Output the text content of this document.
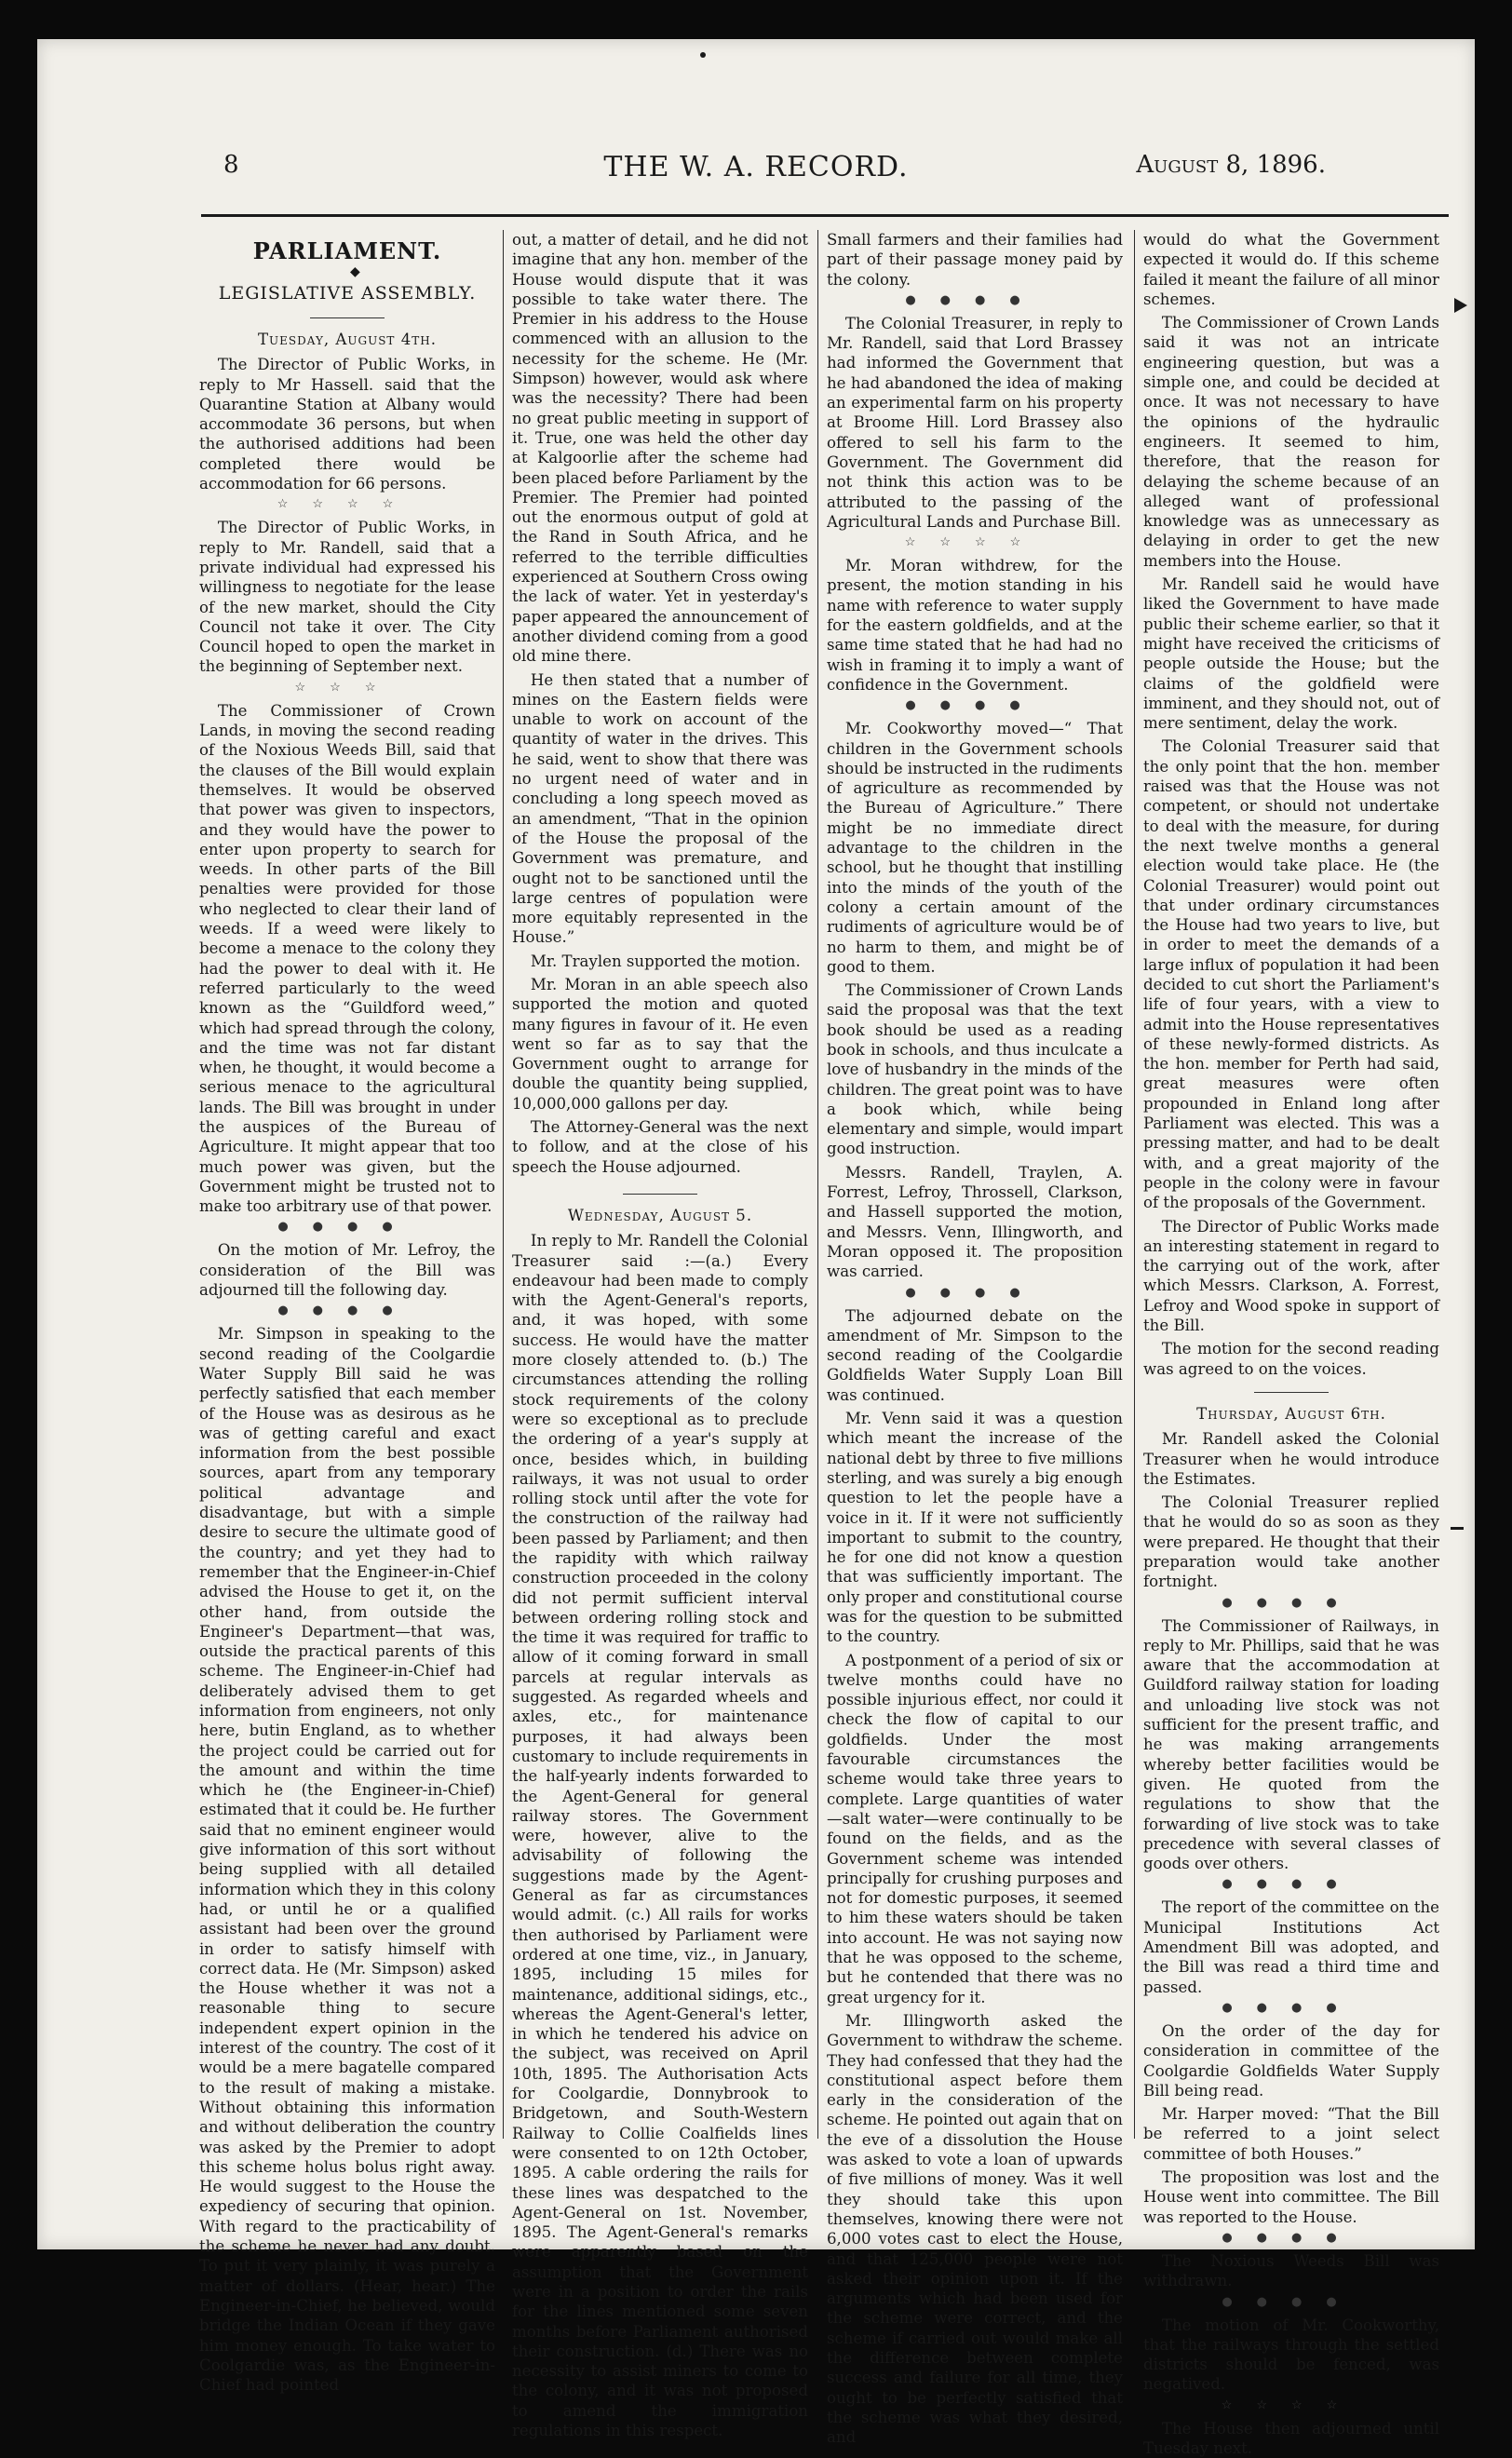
8	THE W. A. RECORD.	August 8, 1896.

PARLIAMENT.

◆

LEGISLATIVE ASSEMBLY.

Tuesday, August 4th.

The Director of Public Works, in reply to Mr Hassell. said that the Quarantine Station at Albany would accommodate 36 persons, but when the authorised additions had been completed there would be accommodation for 66 persons.

☆☆☆☆

The Director of Public Works, in reply to Mr. Randell, said that a private individual had expressed his willingness to negotiate for the lease of the new market, should the City Council not take it over. The City Council hoped to open the market in the beginning of September next.

☆☆☆

The Commissioner of Crown Lands, in moving the second reading of the Noxious Weeds Bill, said that the clauses of the Bill would explain themselves. It would be observed that power was given to inspectors, and they would have the power to enter upon property to search for weeds. In other parts of the Bill penalties were provided for those who neglected to clear their land of weeds. If a weed were likely to become a menace to the colony they had the power to deal with it. He referred particularly to the weed known as the “Guildford weed,” which had spread through the colony, and the time was not far distant when, he thought, it would become a serious menace to the agricultural lands. The Bill was brought in under the auspices of the Bureau of Agriculture. It might appear that too much power was given, but the Government might be trusted not to make too arbitrary use of that power.

●●●●

On the motion of Mr. Lefroy, the consideration of the Bill was adjourned till the following day.

●●●●

Mr. Simpson in speaking to the second reading of the Coolgardie Water Supply Bill said he was perfectly satisfied that each member of the House was as desirous as he was of getting careful and exact information from the best possible sources, apart from any temporary political advantage and disadvantage, but with a simple desire to secure the ultimate good of the country; and yet they had to remember that the Engineer-in-Chief advised the House to get it, on the other hand, from outside the Engineer's Department—that was, outside the practical parents of this scheme. The Engineer-in-Chief had deliberately advised them to get information from engineers, not only here, butin England, as to whether the project could be carried out for the amount and within the time which he (the Engineer-in-Chief) estimated that it could be. He further said that no eminent engineer would give information of this sort without being supplied with all detailed information which they in this colony had, or until he or a qualified assistant had been over the ground in order to satisfy himself with correct data. He (Mr. Simpson) asked the House whether it was not a reasonable thing to secure independent expert opinion in the interest of the country. The cost of it would be a mere bagatelle compared to the result of making a mistake. Without obtaining this information and without deliberation the country was asked by the Premier to adopt this scheme holus bolus right away. He would suggest to the House the expediency of securing that opinion. With regard to the practicability of the scheme he never had any doubt. To put it very plainly, it was purely a matter of dollars. (Hear, hear.) The Engineer-in-Chief, he believed, would bridge the Indian Ocean if they gave him money enough. To take water to Coolgardie was, as the Engineer-in-Chief had pointed

out, a matter of detail, and he did not imagine that any hon. member of the House would dispute that it was possible to take water there. The Premier in his address to the House commenced with an allusion to the necessity for the scheme. He (Mr. Simpson) however, would ask where was the necessity? There had been no great public meeting in support of it. True, one was held the other day at Kalgoorlie after the scheme had been placed before Parliament by the Premier. The Premier had pointed out the enormous output of gold at the Rand in South Africa, and he referred to the terrible difficulties experienced at Southern Cross owing the lack of water. Yet in yesterday's paper appeared the announcement of another dividend coming from a good old mine there.

He then stated that a number of mines on the Eastern fields were unable to work on account of the quantity of water in the drives. This he said, went to show that there was no urgent need of water and in concluding a long speech moved as an amendment, “That in the opinion of the House the proposal of the Government was premature, and ought not to be sanctioned until the large centres of population were more equitably represented in the House.”

Mr. Traylen supported the motion.

Mr. Moran in an able speech also supported the motion and quoted many figures in favour of it. He even went so far as to say that the Government ought to arrange for double the quantity being supplied, 10,000,000 gallons per day.

The Attorney-General was the next to follow, and at the close of his speech the House adjourned.

Wednesday, August 5.

In reply to Mr. Randell the Colonial Treasurer said :—(a.) Every endeavour had been made to comply with the Agent-General's reports, and, it was hoped, with some success. He would have the matter more closely attended to. (b.) The circumstances attending the rolling stock requirements of the colony were so exceptional as to preclude the ordering of a year's supply at once, besides which, in building railways, it was not usual to order rolling stock until after the vote for the construction of the railway had been passed by Parliament; and then the rapidity with which railway construction proceeded in the colony did not permit sufficient interval between ordering rolling stock and the time it was required for traffic to allow of it coming forward in small parcels at regular intervals as suggested. As regarded wheels and axles, etc., for maintenance purposes, it had always been customary to include requirements in the half-yearly indents forwarded to the Agent-General for general railway stores. The Government were, however, alive to the advisability of following the suggestions made by the Agent-General as far as circumstances would admit. (c.) All rails for works then authorised by Parliament were ordered at one time, viz., in January, 1895, including 15 miles for maintenance, additional sidings, etc., whereas the Agent-General's letter, in which he tendered his advice on the subject, was received on April 10th, 1895. The Authorisation Acts for Coolgardie, Donnybrook to Bridgetown, and South-Western Railway to Collie Coalfields lines were consented to on 12th October, 1895. A cable ordering the rails for these lines was despatched to the Agent-General on 1st. November, 1895. The Agent-General's remarks were apparently based on the assumption that the Government were in a position to order the rails for the lines mentioned some seven months before Parliament authorised their construction. (d.) There was no necessity to assist miners to come to the colony, and it was not proposed to amend the immigration regulations in this respect.

Small farmers and their families had part of their passage money paid by the colony.

●●●●

The Colonial Treasurer, in reply to Mr. Randell, said that Lord Brassey had informed the Government that he had abandoned the idea of making an experimental farm on his property at Broome Hill. Lord Brassey also offered to sell his farm to the Government. The Government did not think this action was to be attributed to the passing of the Agricultural Lands and Purchase Bill.

☆☆☆☆

Mr. Moran withdrew, for the present, the motion standing in his name with reference to water supply for the eastern goldfields, and at the same time stated that he had had no wish in framing it to imply a want of confidence in the Government.

●●●●

Mr. Cookworthy moved—“ That children in the Government schools should be instructed in the rudiments of agriculture as recommended by the Bureau of Agriculture.” There might be no immediate direct advantage to the children in the school, but he thought that instilling into the minds of the youth of the colony a certain amount of the rudiments of agriculture would be of no harm to them, and might be of good to them.

The Commissioner of Crown Lands said the proposal was that the text book should be used as a reading book in schools, and thus inculcate a love of husbandry in the minds of the children. The great point was to have a book which, while being elementary and simple, would impart good instruction.

Messrs. Randell, Traylen, A. Forrest, Lefroy, Throssell, Clarkson, and Hassell supported the motion, and Messrs. Venn, Illingworth, and Moran opposed it. The proposition was carried.

●●●●

The adjourned debate on the amendment of Mr. Simpson to the second reading of the Coolgardie Goldfields Water Supply Loan Bill was continued.

Mr. Venn said it was a question which meant the increase of the national debt by three to five millions sterling, and was surely a big enough question to let the people have a voice in it. If it were not sufficiently important to submit to the country, he for one did not know a question that was sufficiently important. The only proper and constitutional course was for the question to be submitted to the country.

A postponment of a period of six or twelve months could have no possible injurious effect, nor could it check the flow of capital to our goldfields. Under the most favourable circumstances the scheme would take three years to complete. Large quantities of water—salt water—were continually to be found on the fields, and as the Government scheme was intended principally for crushing purposes and not for domestic purposes, it seemed to him these waters should be taken into account. He was not saying now that he was opposed to the scheme, but he contended that there was no great urgency for it.

Mr. Illingworth asked the Government to withdraw the scheme. They had confessed that they had the constitutional aspect before them early in the consideration of the scheme. He pointed out again that on the eve of a dissolution the House was asked to vote a loan of upwards of five millions of money. Was it well they should take this upon themselves, knowing there were not 6,000 votes cast to elect the House, and that 125,000 people were not asked their opinion upon it. If the arguments which had been used for the scheme were correct, and the scheme if carried out would make all the difference between complete success and failure for all time, they ought to be perfectly satisfied that the scheme was what they desired, and

would do what the Government expected it would do. If this scheme failed it meant the failure of all minor schemes.

The Commissioner of Crown Lands said it was not an intricate engineering question, but was a simple one, and could be decided at once. It was not necessary to have the opinions of the hydraulic engineers. It seemed to him, therefore, that the reason for delaying the scheme because of an alleged want of professional knowledge was as unnecessary as delaying in order to get the new members into the House.

Mr. Randell said he would have liked the Government to have made public their scheme earlier, so that it might have received the criticisms of people outside the House; but the claims of the goldfield were imminent, and they should not, out of mere sentiment, delay the work.

The Colonial Treasurer said that the only point that the hon. member raised was that the House was not competent, or should not undertake to deal with the measure, for during the next twelve months a general election would take place. He (the Colonial Treasurer) would point out that under ordinary circumstances the House had two years to live, but in order to meet the demands of a large influx of population it had been decided to cut short the Parliament's life of four years, with a view to admit into the House representatives of these newly-formed districts. As the hon. member for Perth had said, great measures were often propounded in Enland long after Parliament was elected. This was a pressing matter, and had to be dealt with, and a great majority of the people in the colony were in favour of the proposals of the Government.

The Director of Public Works made an interesting statement in regard to the carrying out of the work, after which Messrs. Clarkson, A. Forrest, Lefroy and Wood spoke in support of the Bill.

The motion for the second reading was agreed to on the voices.

Thursday, August 6th.

Mr. Randell asked the Colonial Treasurer when he would introduce the Estimates.

The Colonial Treasurer replied that he would do so as soon as they were prepared. He thought that their preparation would take another fortnight.

●●●●

The Commissioner of Railways, in reply to Mr. Phillips, said that he was aware that the accommodation at Guildford railway station for loading and unloading live stock was not sufficient for the present traffic, and he was making arrangements whereby better facilities would be given. He quoted from the regulations to show that the forwarding of live stock was to take precedence with several classes of goods over others.

●●●●

The report of the committee on the Municipal Institutions Act Amendment Bill was adopted, and the Bill was read a third time and passed.

●●●●

On the order of the day for consideration in committee of the Coolgardie Goldfields Water Supply Bill being read.

Mr. Harper moved: “That the Bill be referred to a joint select committee of both Houses.”

The proposition was lost and the House went into committee. The Bill was reported to the House.

●●●●

The Noxious Weeds Bill was withdrawn.

●●●●

The motion of Mr. Cookworthy, that the railways through the settled districts should be fenced, was negatived.

☆☆☆☆

The House then adjourned until Tuesday next.
